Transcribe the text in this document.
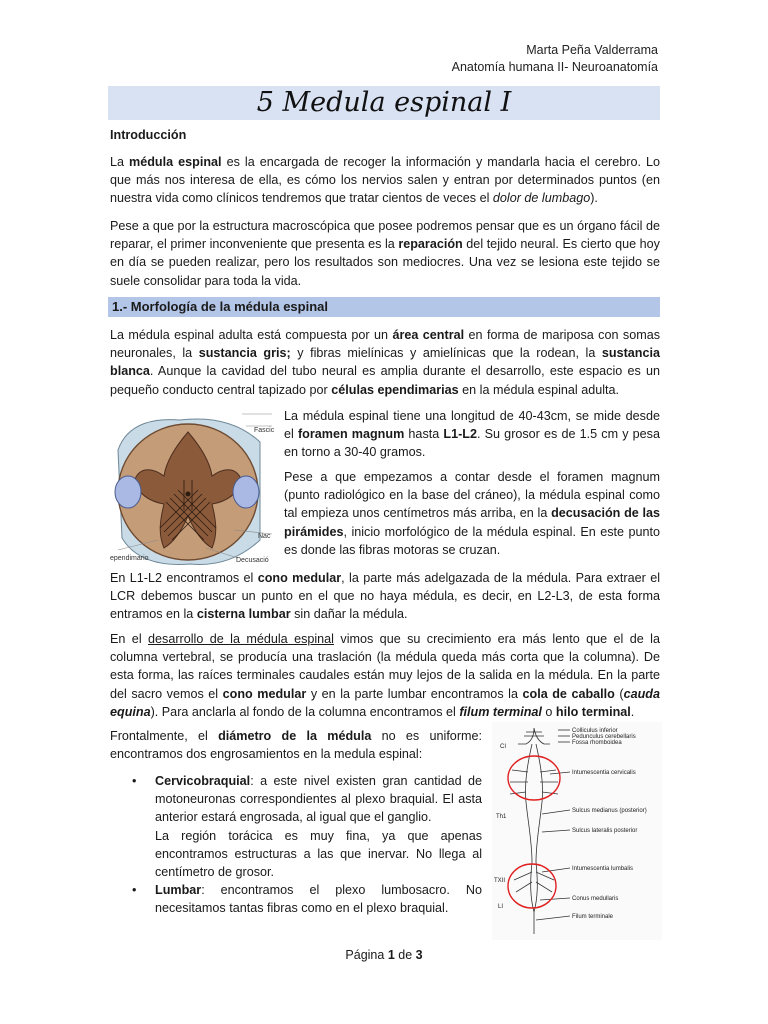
Marta Peña Valderrama
Anatomía humana II- Neuroanatomía
5 Medula espinal I
Introducción

La médula espinal es la encargada de recoger la información y mandarla hacia el cerebro. Lo que más nos interesa de ella, es cómo los nervios salen y entran por determinados puntos (en nuestra vida como clínicos tendremos que tratar cientos de veces el dolor de lumbago).

Pese a que por la estructura macroscópica que posee podremos pensar que es un órgano fácil de reparar, el primer inconveniente que presenta es la reparación del tejido neural. Es cierto que hoy en día se pueden realizar, pero los resultados son mediocres. Una vez se lesiona este tejido se suele consolidar para toda la vida.

1.- Morfología de la médula espinal

La médula espinal adulta está compuesta por un área central en forma de mariposa con somas neuronales, la sustancia gris; y fibras mielínicas y amielínicas que la rodean, la sustancia blanca. Aunque la cavidad del tubo neural es amplia durante el desarrollo, este espacio es un pequeño conducto central tapizado por células ependimarias en la médula espinal adulta.

Fascic
Nac
ependimario	Decusació

La médula espinal tiene una longitud de 40-43cm, se mide desde el foramen magnum hasta L1-L2. Su grosor es de 1.5 cm y pesa en torno a 30-40 gramos.

Pese a que empezamos a contar desde el foramen magnum (punto radiológico en la base del cráneo), la médula espinal como tal empieza unos centímetros más arriba, en la decusación de las pirámides, inicio morfológico de la médula espinal. En este punto es donde las fibras motoras se cruzan.

En L1-L2 encontramos el cono medular, la parte más adelgazada de la médula. Para extraer el LCR debemos buscar un punto en el que no haya médula, es decir, en L2-L3, de esta forma entramos en la cisterna lumbar sin dañar la médula.

En el desarrollo de la médula espinal vimos que su crecimiento era más lento que el de la columna vertebral, se producía una traslación (la médula queda más corta que la columna). De esta forma, las raíces terminales caudales están muy lejos de la salida en la médula. En la parte del sacro vemos el cono medular y en la parte lumbar encontramos la cola de caballo (cauda equina). Para anclarla al fondo de la columna encontramos el filum terminal o hilo terminal.

Frontalmente, el diámetro de la médula no es uniforme: encontramos dos engrosamientos en la medula espinal:

• Cervicobraquial: a este nivel existen gran cantidad de motoneuronas correspondientes al plexo braquial. El asta anterior estará engrosada, al igual que el ganglio.
La región torácica es muy fina, ya que apenas encontramos estructuras a las que inervar. No llega al centímetro de grosor.
• Lumbar: encontramos el plexo lumbosacro. No necesitamos tantas fibras como en el plexo braquial.
Colliculus inferior
Pedunculus cerebellaris
Fossa rhomboidea
Intumescentia cervicalis
Sulcus medianus (posterior)
Sulcus lateralis posterior
Intumescentia lumbalis
Conus medullaris
Filum terminale
CI
Th1
TXII
LI
Página 1 de 3
